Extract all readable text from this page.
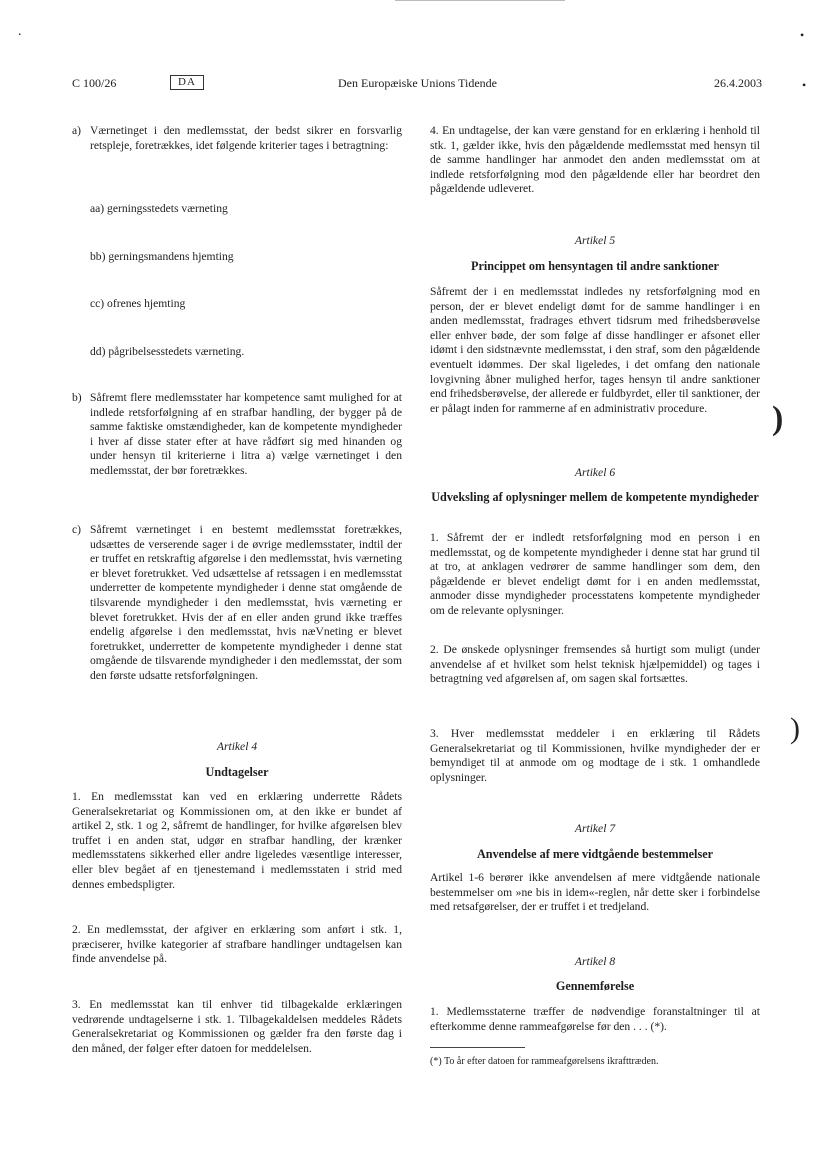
.	•
•
)
)
C 100/26	DA	Den Europæiske Unions Tidende	26.4.2003
a) Værnetinget i den medlemsstat, der bedst sikrer en forsvarlig retspleje, foretrækkes, idet følgende kriterier tages i betragtning:
aa) gerningsstedets værneting
bb) gerningsmandens hjemting
cc) ofrenes hjemting
dd) pågribelsesstedets værneting.
b) Såfremt flere medlemsstater har kompetence samt mulighed for at indlede retsforfølgning af en strafbar handling, der bygger på de samme faktiske omstændigheder, kan de kompetente myndigheder i hver af disse stater efter at have rådført sig med hinanden og under hensyn til kriterierne i litra a) vælge værnetinget i den medlemsstat, der bør foretrækkes.
c) Såfremt værnetinget i en bestemt medlemsstat foretrækkes, udsættes de verserende sager i de øvrige medlemsstater, indtil der er truffet en retskraftig afgørelse i den medlemsstat, hvis værneting er blevet foretrukket. Ved udsættelse af retssagen i en medlemsstat underretter de kompetente myndigheder i denne stat omgående de tilsvarende myndigheder i den medlemsstat, hvis værneting er blevet foretrukket. Hvis der af en eller anden grund ikke træffes endelig afgørelse i den medlemsstat, hvis næVneting er blevet foretrukket, underretter de kompetente myndigheder i denne stat omgående de tilsvarende myndigheder i den medlemsstat, der som den første udsatte retsforfølgningen.

Artikel 4

Undtagelser

1. En medlemsstat kan ved en erklæring underrette Rådets Generalsekretariat og Kommissionen om, at den ikke er bundet af artikel 2, stk. 1 og 2, såfremt de handlinger, for hvilke afgørelsen blev truffet i en anden stat, udgør en strafbar handling, der krænker medlemsstatens sikkerhed eller andre ligeledes væsentlige interesser, eller blev begået af en tjenestemand i medlemsstaten i strid med dennes embedspligter.
2. En medlemsstat, der afgiver en erklæring som anført i stk. 1, præciserer, hvilke kategorier af strafbare handlinger undtagelsen kan finde anvendelse på.
3. En medlemsstat kan til enhver tid tilbagekalde erklæringen vedrørende undtagelserne i stk. 1. Tilbagekaldelsen meddeles Rådets Generalsekretariat og Kommissionen og gælder fra den første dag i den måned, der følger efter datoen for meddelelsen.
4. En undtagelse, der kan være genstand for en erklæring i henhold til stk. 1, gælder ikke, hvis den pågældende medlemsstat med hensyn til de samme handlinger har anmodet den anden medlemsstat om at indlede retsforfølgning mod den pågældende eller har beordret den pågældende udleveret.

Artikel 5

Princippet om hensyntagen til andre sanktioner

Såfremt der i en medlemsstat indledes ny retsforfølgning mod en person, der er blevet endeligt dømt for de samme handlinger i en anden medlemsstat, fradrages ethvert tidsrum med frihedsberøvelse eller enhver bøde, der som følge af disse handlinger er afsonet eller idømt i den sidstnævnte medlemsstat, i den straf, som den pågældende eventuelt idømmes. Der skal ligeledes, i det omfang den nationale lovgivning åbner mulighed herfor, tages hensyn til andre sanktioner end frihedsberøvelse, der allerede er fuldbyrdet, eller til sanktioner, der er pålagt inden for rammerne af en administrativ procedure.

Artikel 6

Udveksling af oplysninger mellem de kompetente myndigheder

1. Såfremt der er indledt retsforfølgning mod en person i en medlemsstat, og de kompetente myndigheder i denne stat har grund til at tro, at anklagen vedrører de samme handlinger som dem, den pågældende er blevet endeligt dømt for i en anden medlemsstat, anmoder disse myndigheder processtatens kompetente myndigheder om de relevante oplysninger.
2. De ønskede oplysninger fremsendes så hurtigt som muligt (under anvendelse af et hvilket som helst teknisk hjælpemiddel) og tages i betragtning ved afgørelsen af, om sagen skal fortsættes.
3. Hver medlemsstat meddeler i en erklæring til Rådets Generalsekretariat og til Kommissionen, hvilke myndigheder der er bemyndiget til at anmode om og modtage de i stk. 1 omhandlede oplysninger.

Artikel 7

Anvendelse af mere vidtgående bestemmelser

Artikel 1-6 berører ikke anvendelsen af mere vidtgående nationale bestemmelser om »ne bis in idem«-reglen, når dette sker i forbindelse med retsafgørelser, der er truffet i et tredjeland.

Artikel 8

Gennemførelse

1. Medlemsstaterne træffer de nødvendige foranstaltninger til at efterkomme denne rammeafgørelse før den . . . (*).
(*) To år efter datoen for rammeafgørelsens ikrafttræden.
